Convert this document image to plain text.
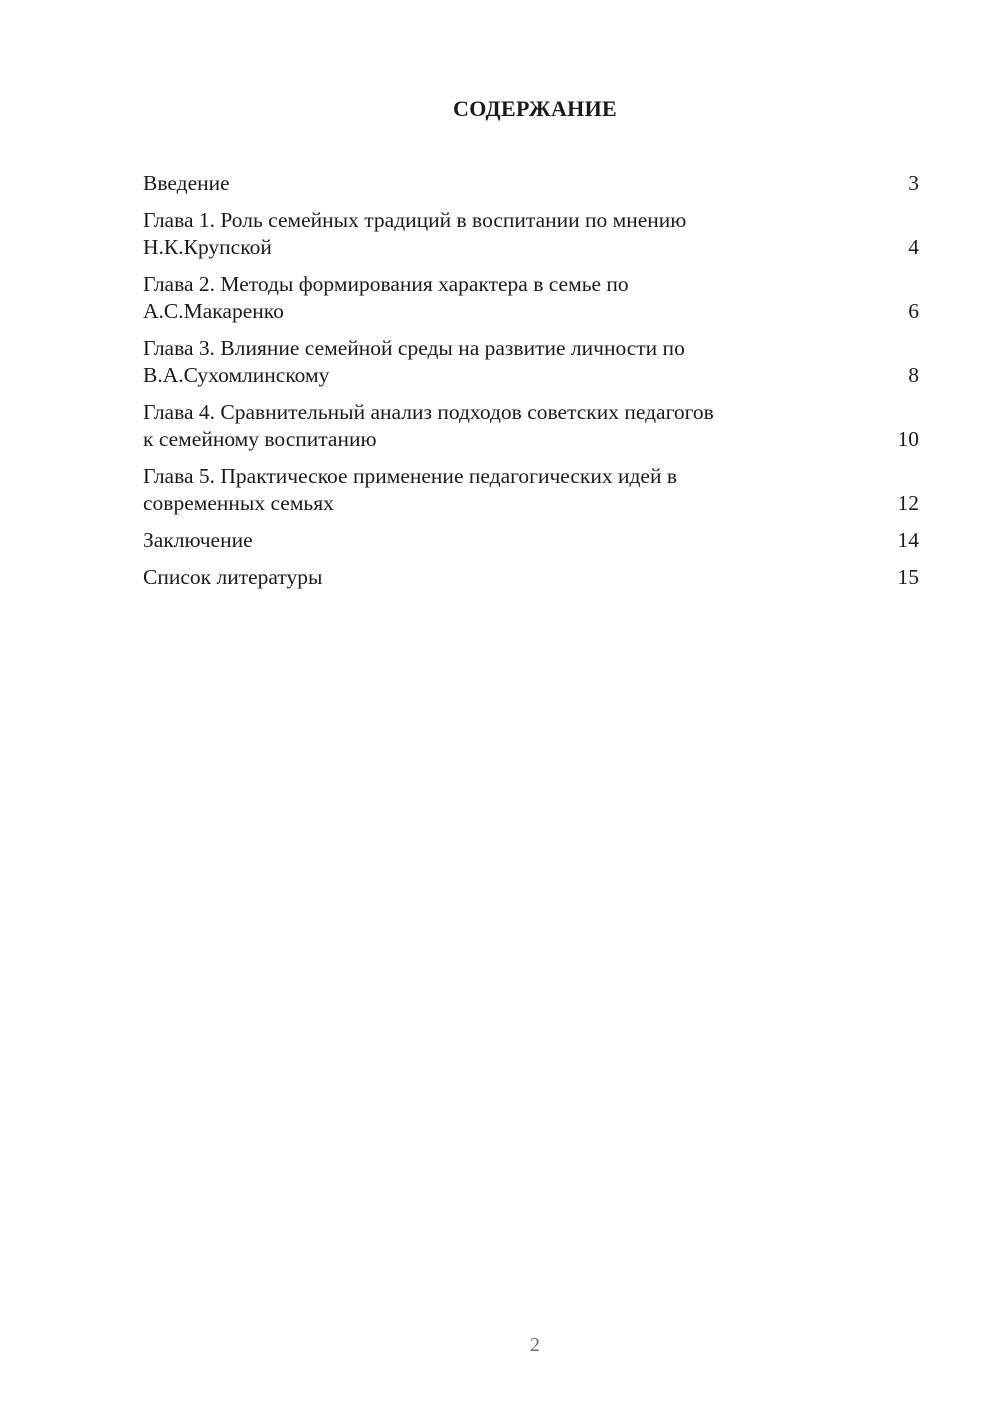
СОДЕРЖАНИЕ
Введение	3
Глава 1. Роль семейных традиций в воспитании по мнению
Н.К.Крупской	4
Глава 2. Методы формирования характера в семье по
А.С.Макаренко	6
Глава 3. Влияние семейной среды на развитие личности по
В.А.Сухомлинскому	8
Глава 4. Сравнительный анализ подходов советских педагогов
к семейному воспитанию	10
Глава 5. Практическое применение педагогических идей в
современных семьях	12
Заключение	14
Список литературы	15
2
